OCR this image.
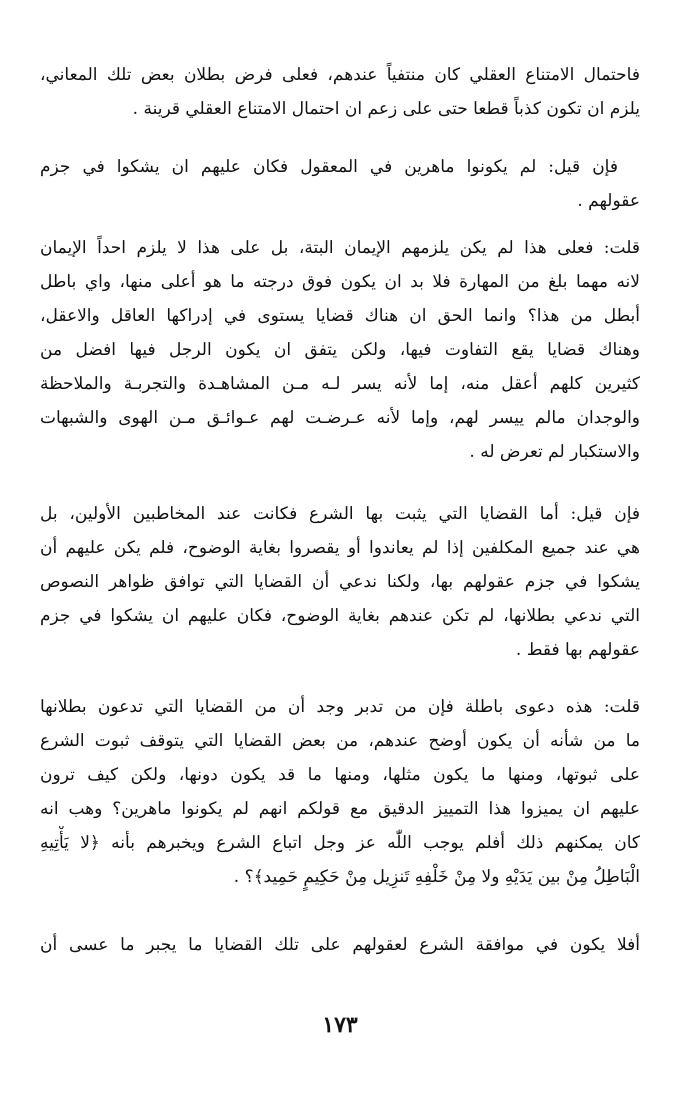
فاحتمال الامتناع العقلي كان منتفياً عندهم، فعلى فرض بطلان بعض تلك المعاني،
يلزم ان تكون كذباً قطعا حتى على زعم ان احتمال الامتناع العقلي قرينة .
فإن قيل: لم يكونوا ماهرين في المعقول فكان عليهم ان يشكوا في جزم
عقولهم .
قلت: فعلى هذا لم يكن يلزمهم الإيمان البتة، بل على هذا لا يلزم احداً الإيمان
لانه مهما بلغ من المهارة فلا بد ان يكون فوق درجته ما هو أعلى منها، واي باطل
أبطل من هذا؟ وانما الحق ان هناك قضايا يستوى في إدراكها العاقل والاعقل،
وهناك قضايا يقع التفاوت فيها، ولكن يتفق ان يكون الرجل فيها افضل من
كثيرين كلهم أعقل منه، إما لأنه يسر لـه مـن المشاهـدة والتجربـة والملاحظة
والوجدان مالم ييسر لهم، وإما لأنه عـرضـت لهم عـوائـق مـن الهوى والشبهات
والاستكبار لم تعرض له .
فإن قيل: أما القضايا التي يثبت بها الشرع فكانت عند المخاطبين الأولين، بل
هي عند جميع المكلفين إذا لم يعاندوا أو يقصروا بغاية الوضوح، فلم يكن عليهم أن
يشكوا في جزم عقولهم بها، ولكنا ندعي أن القضايا التي توافق ظواهر النصوص
التي ندعي بطلانها، لم تكن عندهم بغاية الوضوح، فكان عليهم ان يشكوا في جزم
عقولهم بها فقط .
قلت: هذه دعوى باطلة فإن من تدبر وجد أن من القضايا التي تدعون بطلانها
ما من شأنه أن يكون أوضح عندهم، من بعض القضايا التي يتوقف ثبوت الشرع
على ثبوتها، ومنها ما يكون مثلها، ومنها ما قد يكون دونها، ولكن كيف ترون
عليهم ان يميزوا هذا التمييز الدقيق مع قولكم انهم لم يكونوا ماهرين؟ وهب انه
كان يمكنهم ذلك أفلم يوجب اللّٰه عز وجل اتباع الشرع ويخبرهم بأنه ﴿لا يَأْتِيهِ
الْبَاطِلُ مِنْ بين يَدَيْهِ ولا مِنْ خَلْفِهِ تَنزِيل مِنْ حَكِيمٍ حَمِيد﴾؟ .
أفلا يكون في موافقة الشرع لعقولهم على تلك القضايا ما يجبر ما عسى أن
١٧٣
